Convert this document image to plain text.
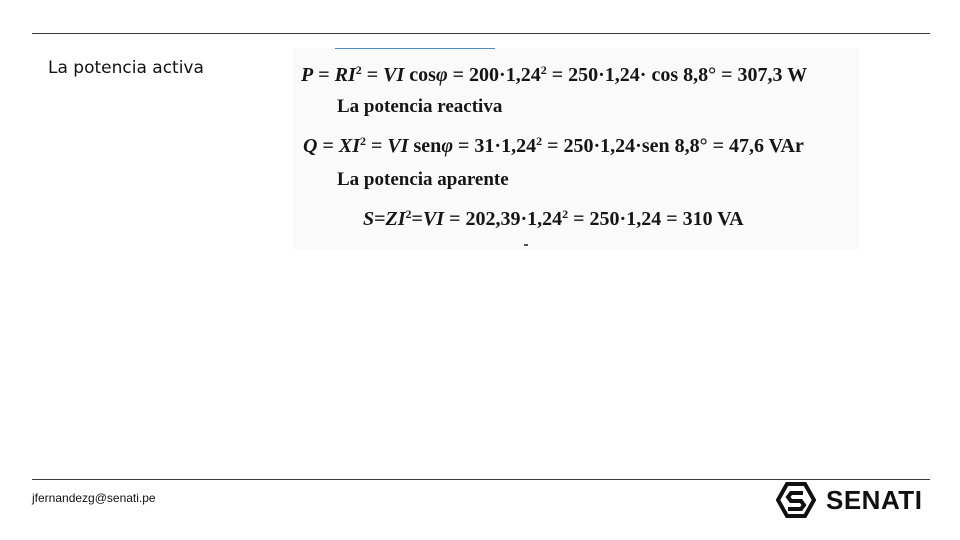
La potencia activa	$P = RI^2$ = VI $\cos\varphi = 200\cdot 1,24^2 = 250\cdot 1,24\cdot \cos 8,8^\circ = 307,3$ W
La potencia reactiva
$Q = XI^2$ = VI $sen\varphi = 31\cdot 1,24^2 = 250\cdot 1,24\cdot sen$ 8,8° = 47,6 VAr
La potencia aparente
$S=ZI^2=VI = 202,39\cdot 1,24^2 = 250\cdot 1,24 = 310$ VA
jfernandezg@senati.pe	SENATI
